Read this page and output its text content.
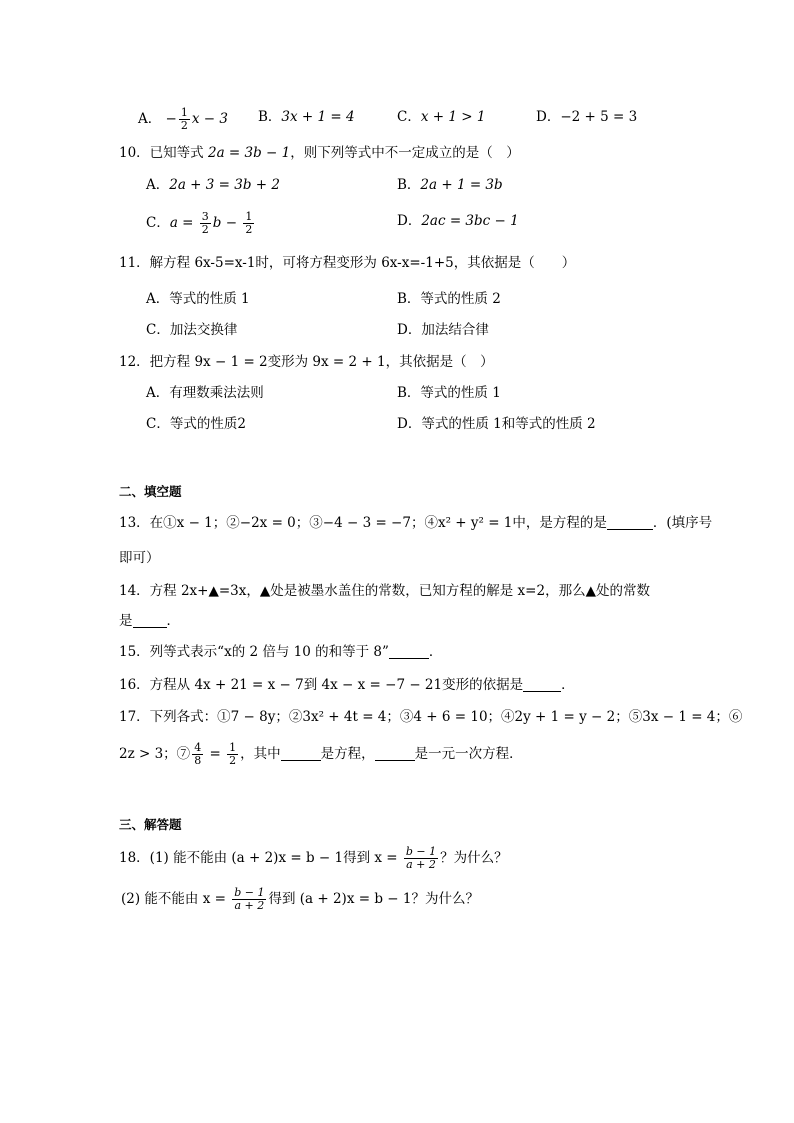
A． − $\frac{1}{2}$ x − 3 B．3x + 1 = 4	C．x + 1 > 1	D．−2 + 5 = 3
10．已知等式 2a = 3b − 1，则下列等式中不一定成立的是（　）
A．2a + 3 = 3b + 2	B．2a + 1 = 3b
C．$a = \frac{3}{2}$ $b - \frac{1}{2}$	D．2ac = 3bc − 1
11．解方程 6x-5=x-1时，可将方程变形为 6x-x=-1+5，其依据是（　　）
A．等式的性质 1	B．等式的性质 2
C．加法交换律	D．加法结合律
12．把方程 9x − 1 = 2变形为 9x = 2 + 1，其依据是（　）
A．有理数乘法法则	B．等式的性质 1
C．等式的性质2	D．等式的性质 1和等式的性质 2
二、填空题
13．在①x − 1；②−2x = 0；③−4 − 3 = −7；④x² + y² = 1中，是方程的是	．(填序号
即可）
14．方程 2x+▲=3x，▲处是被墨水盖住的常数，已知方程的解是 x=2，那么▲处的常数
是	．
15．列等式表示“x的 2 倍与 10 的和等于 8”	．
16．方程从 4x + 21 = x − 7到 4x − x = −7 − 21变形的依据是	．
17．下列各式：①7 − 8y；②3x² + 4t = 4；③4 + 6 = 10；④2y + 1 = y − 2；⑤3x − 1 = 4；⑥
2z > 3；⑦ $\frac{4}{8} = \frac{1}{2}$ ，其中	是方程，	是一元一次方程．
三、解答题
18．(1) 能不能由 (a + 2)x = b − 1得到 $x = \frac{b - 1}{a + 2}$ ？为什么？
(2) 能不能由 $x = \frac{b - 1}{a + 2}$ 得到 (a + 2)x = b − 1？为什么？
